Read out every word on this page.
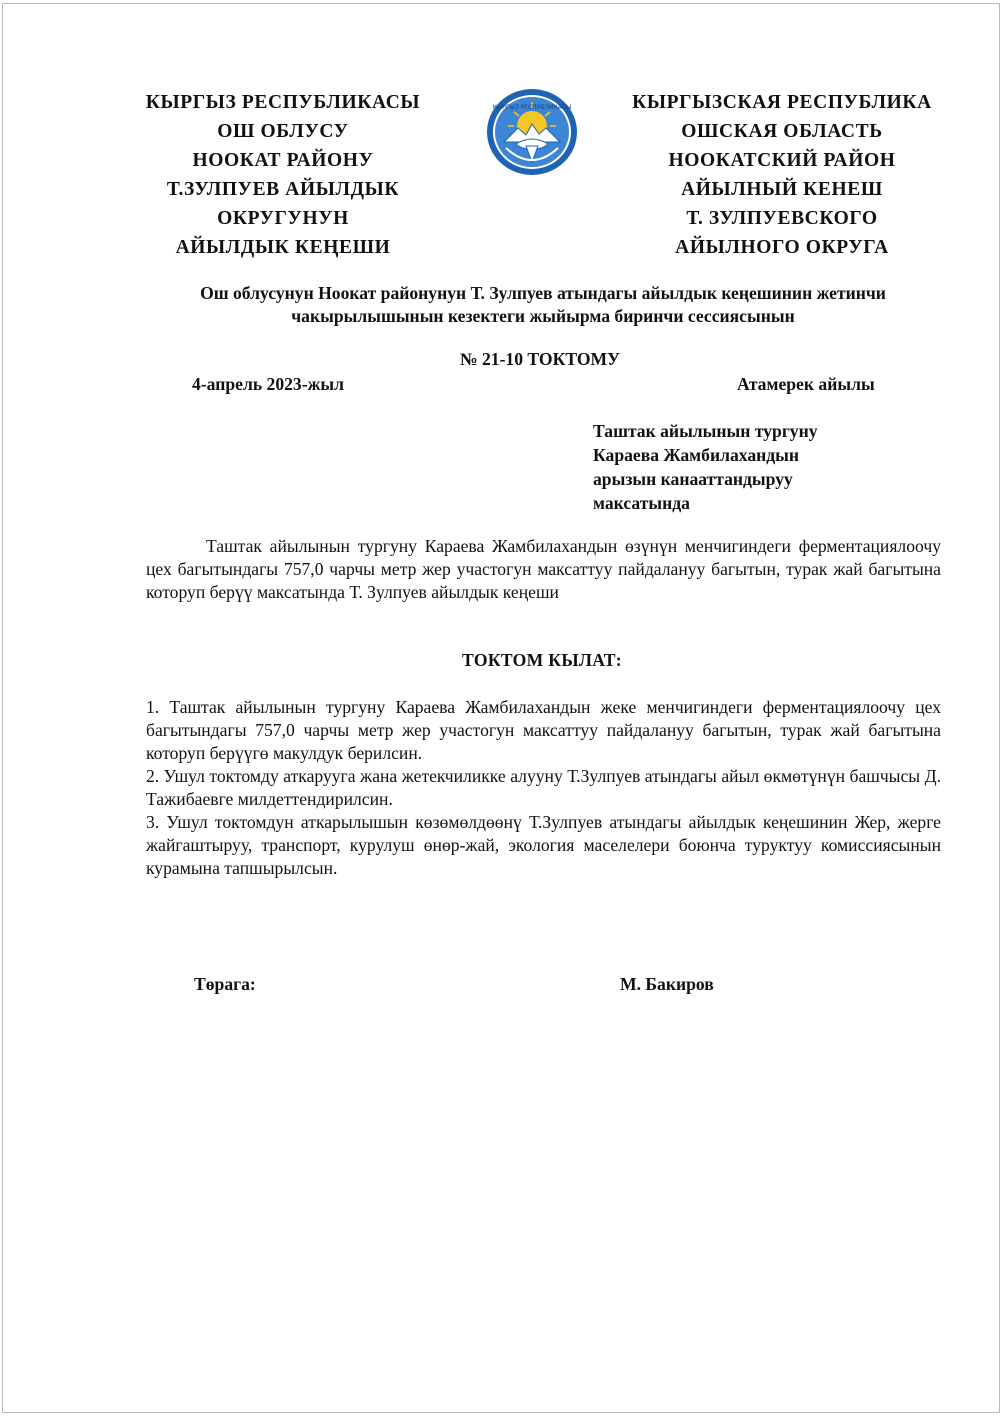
КЫРГЫЗ РЕСПУБЛИКАСЫ
ОШ ОБЛУСУ
НООКАТ РАЙОНУ
Т.ЗУЛПУЕВ АЙЫЛДЫК
ОКРУГУНУН
АЙЫЛДЫК КЕҢЕШИ
КЫРГЫЗ РЕСПУБЛИКАСЫ	КЫРГЫЗСКАЯ РЕСПУБЛИКА
ОШСКАЯ ОБЛАСТЬ
НООКАТСКИЙ РАЙОН
АЙЫЛНЫЙ КЕНЕШ
Т. ЗУЛПУЕВСКОГО
АЙЫЛНОГО ОКРУГА
Ош облусунун Ноокат районунун Т. Зулпуев атындагы айылдык кеңешинин жетинчи
чакырылышынын кезектеги жыйырма биринчи сессиясынын
№ 21-10 ТОКТОМУ
4-апрель 2023-жыл	Атамерек айылы
Таштак айылынын тургуну
Караева Жамбилахандын
арызын канааттандыруу
максатында
Таштак айылынын тургуну Караева Жамбилахандын өзүнүн менчигиндеги ферментациялоочу цех багытындагы 757,0 чарчы метр жер участогун максаттуу пайдалануу багытын, турак жай багытына которуп берүү максатында Т. Зулпуев айылдык кеңеши
ТОКТОМ КЫЛАТ:

1. Таштак айылынын тургуну Караева Жамбилахандын жеке менчигиндеги ферментациялоочу цех багытындагы 757,0 чарчы метр жер участогун максаттуу пайдалануу багытын, турак жай багытына которуп берүүгө макулдук берилсин.

2. Ушул токтомду аткарууга жана жетекчиликке алууну Т.Зулпуев атындагы айыл өкмөтүнүн башчысы Д. Тажибаевге милдеттендирилсин.

3. Ушул токтомдун аткарылышын көзөмөлдөөнү Т.Зулпуев атындагы айылдык кеңешинин Жер, жерге жайгаштыруу, транспорт, курулуш өнөр-жай, экология маселелери боюнча туруктуу комиссиясынын курамына тапшырылсын.

Төрага:	М. Бакиров
